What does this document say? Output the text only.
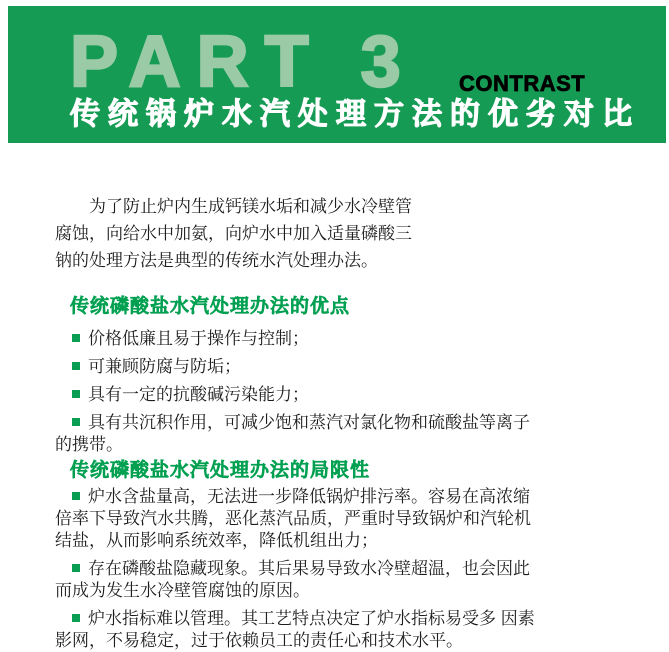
PART 3 CONTRAST
传统锅炉水汽处理方法的优劣对比
为了防止炉内生成钙镁水垢和减少水冷壁管
腐蚀，向给水中加氨，向炉水中加入适量磷酸三
钠的处理方法是典型的传统水汽处理办法。
传统磷酸盐水汽处理办法的优点
价格低廉且易于操作与控制；
可兼顾防腐与防垢；
具有一定的抗酸碱污染能力；
具有共沉积作用，可减少饱和蒸汽对氯化物和硫酸盐等离子
的携带。
传统磷酸盐水汽处理办法的局限性
炉水含盐量高，无法进一步降低锅炉排污率。容易在高浓缩
倍率下导致汽水共腾，恶化蒸汽品质，严重时导致锅炉和汽轮机
结盐，从而影响系统效率，降低机组出力；
存在磷酸盐隐藏现象。其后果易导致水冷壁超温，也会因此
而成为发生水冷壁管腐蚀的原因。
炉水指标难以管理。其工艺特点决定了炉水指标易受多 因素
影网，不易稳定，过于依赖员工的责任心和技术水平。
